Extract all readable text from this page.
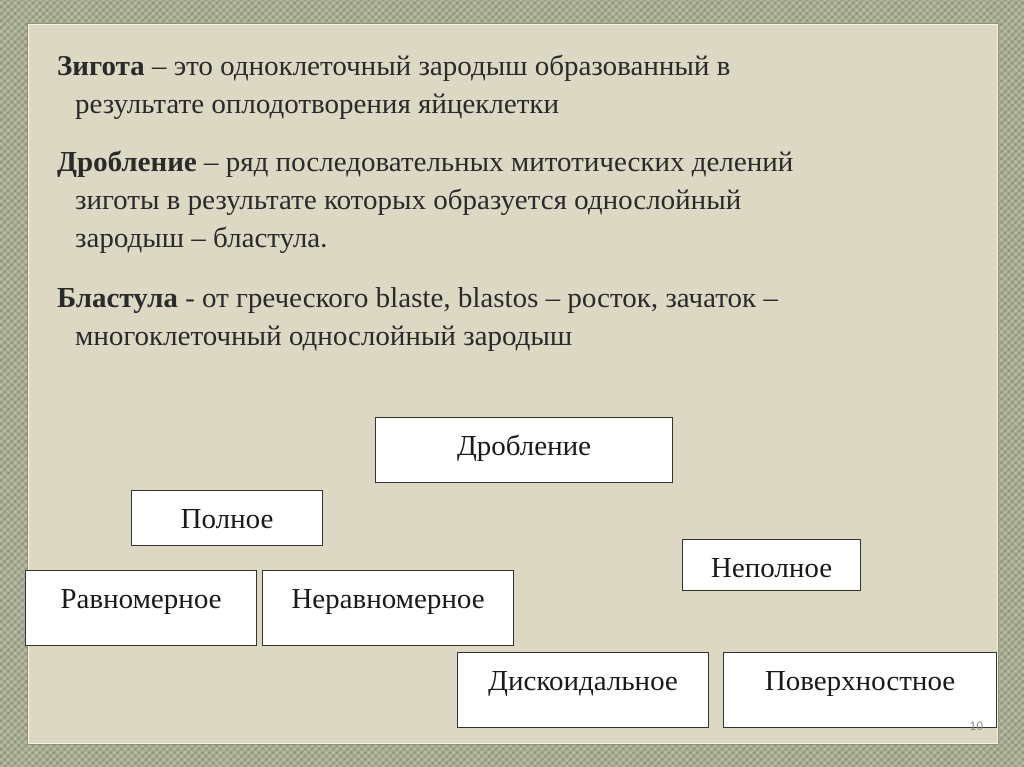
Зигота – это одноклеточный зародыш образованный в
результате оплодотворения яйцеклетки
Дробление – ряд последовательных митотических делений
зиготы в результате которых образуется однослойный
зародыш – бластула.
Бластула - от греческого blaste, blastos – росток, зачаток –
многоклеточный однослойный зародыш
Дробление
Полное
Неполное
Равномерное Неравномерное
Дискоидальное	Поверхностное
10
